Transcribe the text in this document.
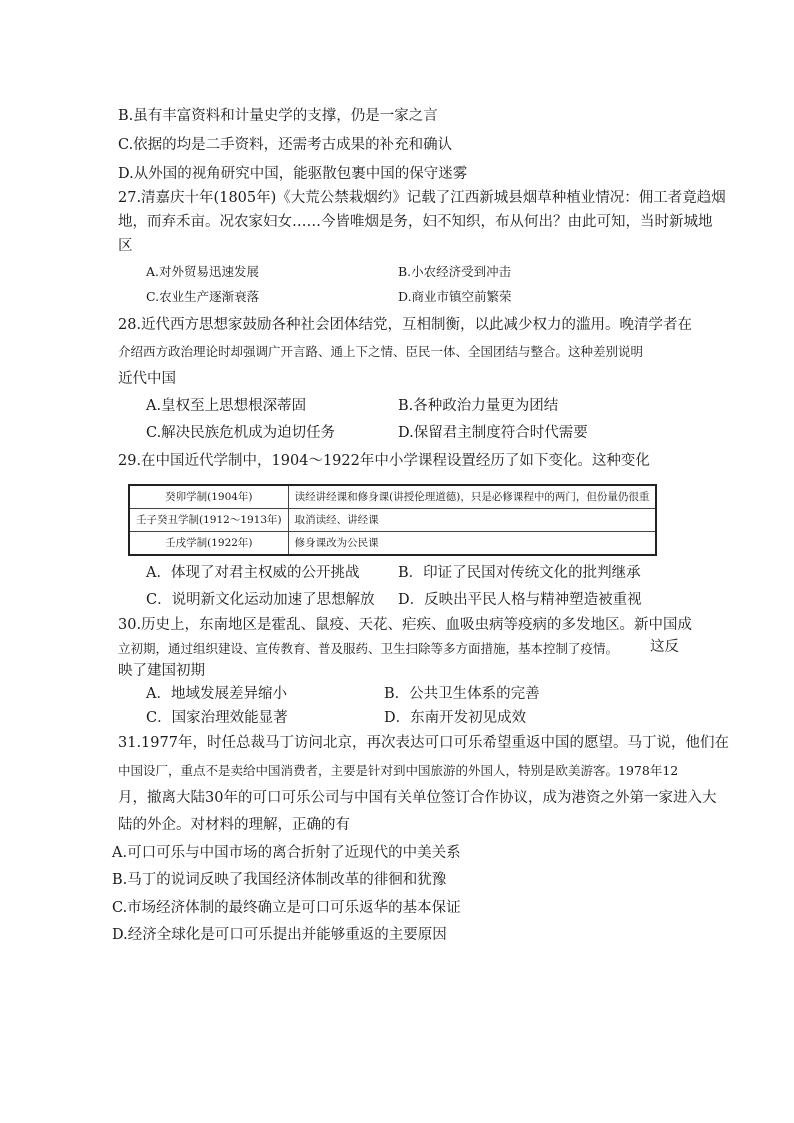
B.虽有丰富资料和计量史学的支撑，仍是一家之言
C.依据的均是二手资料，还需考古成果的补充和确认
D.从外国的视角研究中国，能驱散包裹中国的保守迷雾
27.清嘉庆十年(1805年)《大荒公禁栽烟约》记载了江西新城县烟草种植业情况：佣工者竟趋烟
地，而弃禾亩。况农家妇女……今皆唯烟是务，妇不知织，布从何出？由此可知，当时新城地
区
A.对外贸易迅速发展	B.小农经济受到冲击
C.农业生产逐渐衰落	D.商业市镇空前繁荣
28.近代西方思想家鼓励各种社会团体结党，互相制衡，以此减少权力的滥用。晚清学者在
介绍西方政治理论时却强调广开言路、通上下之情、臣民一体、全国团结与整合。这种差别说明
近代中国
A.皇权至上思想根深蒂固	B.各种政治力量更为团结
C.解决民族危机成为迫切任务	D.保留君主制度符合时代需要
29.在中国近代学制中，1904～1922年中小学课程设置经历了如下变化。这种变化
癸卯学制(1904年)	读经讲经课和修身课(讲授伦理道德)，只是必修课程中的两门，但份量仍很重
壬子癸丑学制(1912～1913年)	取消读经、讲经课
壬戌学制(1922年)	修身课改为公民课
A．体现了对君主权威的公开挑战	B．印证了民国对传统文化的批判继承
C．说明新文化运动加速了思想解放 D．反映出平民人格与精神塑造被重视
30.历史上，东南地区是霍乱、鼠疫、天花、疟疾、血吸虫病等疫病的多发地区。新中国成
立初期，通过组织建设、宣传教育、普及服药、卫生扫除等多方面措施，基本控制了疫情。 这反
映了建国初期
A．地域发展差异缩小	B．公共卫生体系的完善
C．国家治理效能显著	D．东南开发初见成效
31.1977年，时任总裁马丁访问北京，再次表达可口可乐希望重返中国的愿望。马丁说，他们在
中国设厂，重点不是卖给中国消费者，主要是针对到中国旅游的外国人，特别是欧美游客。1978年12
月，撤离大陆30年的可口可乐公司与中国有关单位签订合作协议，成为港资之外第一家进入大
陆的外企。对材料的理解，正确的有
A.可口可乐与中国市场的离合折射了近现代的中美关系
B.马丁的说词反映了我国经济体制改革的徘徊和犹豫
C.市场经济体制的最终确立是可口可乐返华的基本保证
D.经济全球化是可口可乐提出并能够重返的主要原因
